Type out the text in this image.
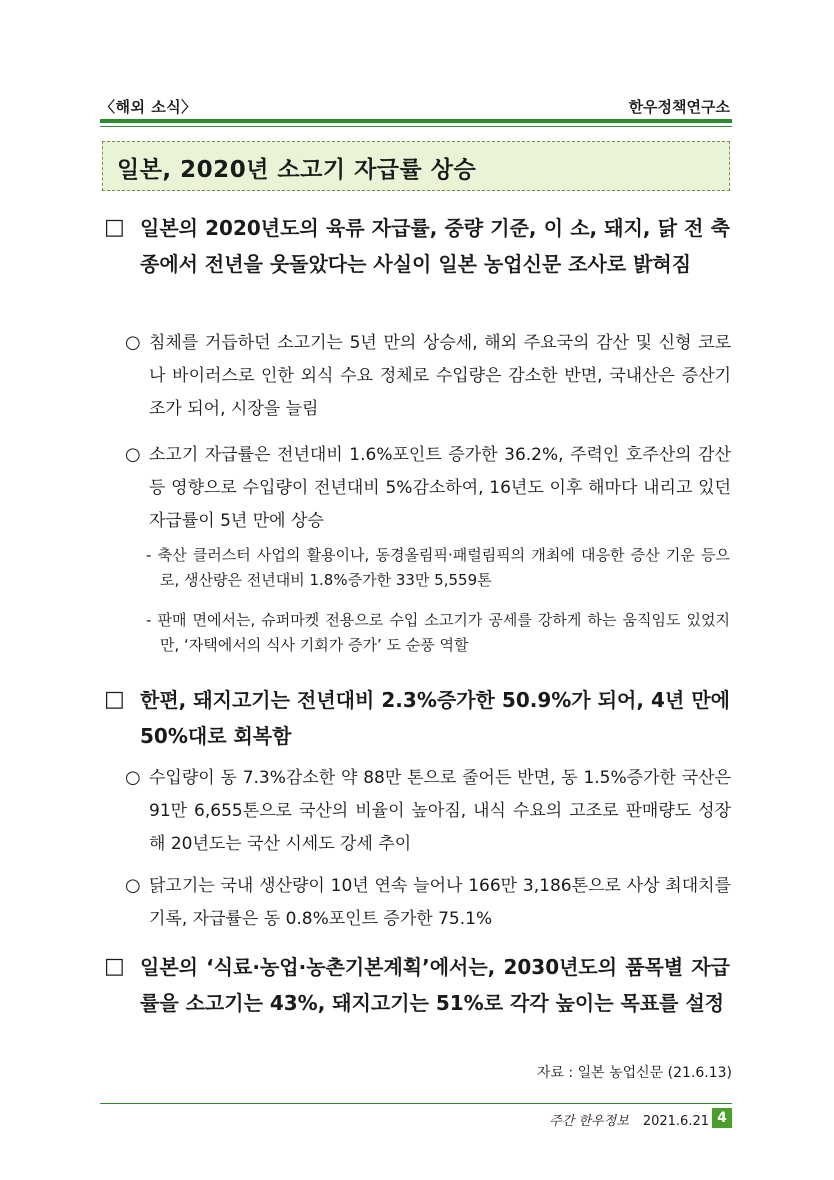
〈해외 소식〉	한우정책연구소
일본, 2020년 소고기 자급률 상승
□ 일본의 2020년도의 육류 자급률, 중량 기준, 이 소, 돼지, 닭 전 축종에서 전년을 웃돌았다는 사실이 일본 농업신문 조사로 밝혀짐
○ 침체를 거듭하던 소고기는 5년 만의 상승세, 해외 주요국의 감산 및 신형 코로나 바이러스로 인한 외식 수요 정체로 수입량은 감소한 반면, 국내산은 증산기조가 되어, 시장을 늘림
○ 소고기 자급률은 전년대비 1.6%포인트 증가한 36.2%, 주력인 호주산의 감산 등 영향으로 수입량이 전년대비 5%감소하여, 16년도 이후 해마다 내리고 있던 자급률이 5년 만에 상승
- 축산 클러스터 사업의 활용이나, 동경올림픽·패럴림픽의 개최에 대응한 증산 기운 등으로, 생산량은 전년대비 1.8%증가한 33만 5,559톤
- 판매 면에서는, 슈퍼마켓 전용으로 수입 소고기가 공세를 강하게 하는 움직임도 있었지만, ‘자택에서의 식사 기회가 증가’ 도 순풍 역할
□ 한편, 돼지고기는 전년대비 2.3%증가한 50.9%가 되어, 4년 만에 50%대로 회복함
○ 수입량이 동 7.3%감소한 약 88만 톤으로 줄어든 반면, 동 1.5%증가한 국산은 91만 6,655톤으로 국산의 비율이 높아짐, 내식 수요의 고조로 판매량도 성장해 20년도는 국산 시세도 강세 추이
○ 닭고기는 국내 생산량이 10년 연속 늘어나 166만 3,186톤으로 사상 최대치를 기록, 자급률은 동 0.8%포인트 증가한 75.1%
□ 일본의 ‘식료·농업·농촌기본계획’에서는, 2030년도의 품목별 자급률을 소고기는 43%, 돼지고기는 51%로 각각 높이는 목표를 설정
자료 : 일본 농업신문 (21.6.13)
주간 한우정보 2021.6.21 4
